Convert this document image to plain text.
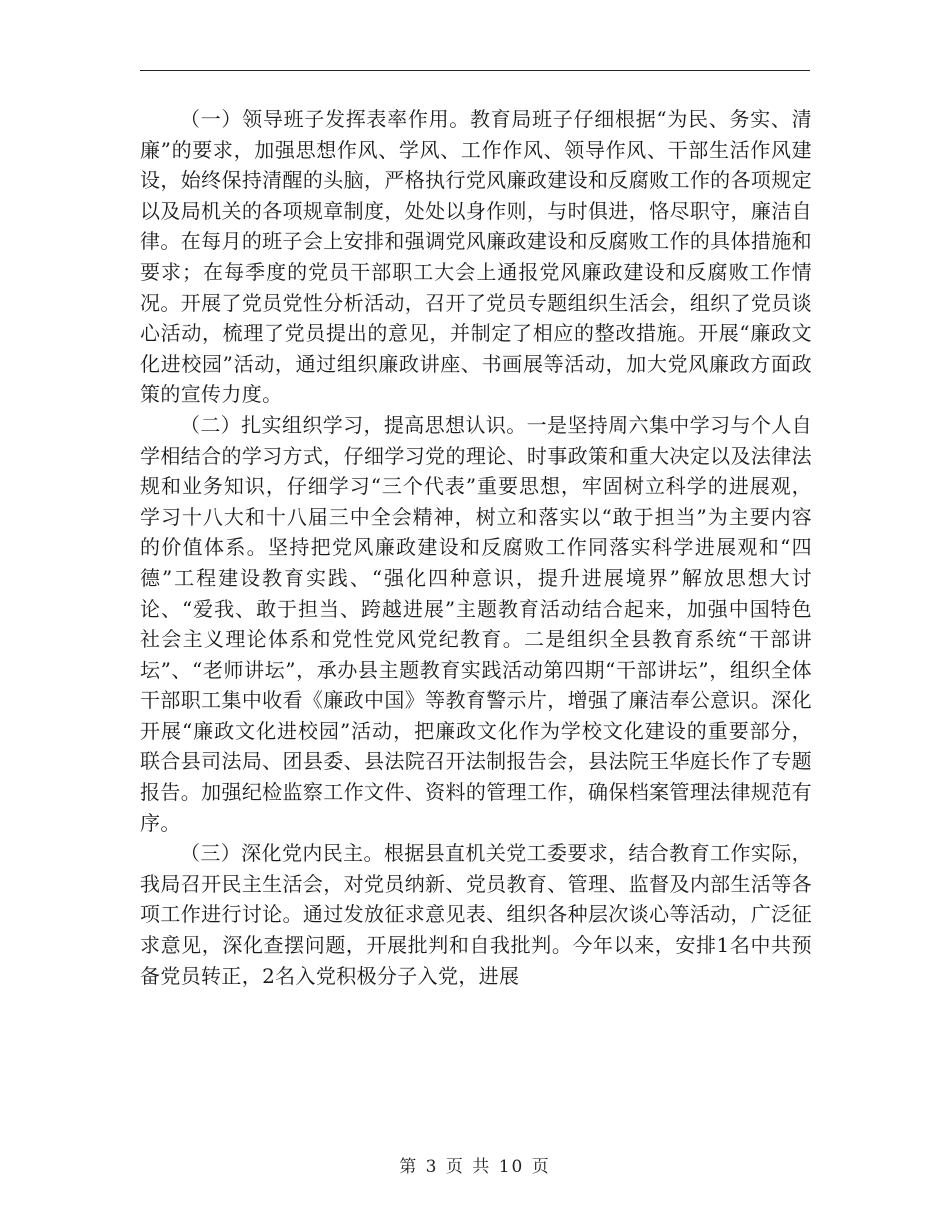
（一）领导班子发挥表率作用。教育局班子仔细根据“为民、务实、清廉”的要求，加强思想作风、学风、工作作风、领导作风、干部生活作风建设，始终保持清醒的头脑，严格执行党风廉政建设和反腐败工作的各项规定以及局机关的各项规章制度，处处以身作则，与时俱进，恪尽职守，廉洁自律。在每月的班子会上安排和强调党风廉政建设和反腐败工作的具体措施和要求；在每季度的党员干部职工大会上通报党风廉政建设和反腐败工作情况。开展了党员党性分析活动，召开了党员专题组织生活会，组织了党员谈心活动，梳理了党员提出的意见，并制定了相应的整改措施。开展“廉政文化进校园”活动，通过组织廉政讲座、书画展等活动，加大党风廉政方面政策的宣传力度。

（二）扎实组织学习，提高思想认识。一是坚持周六集中学习与个人自学相结合的学习方式，仔细学习党的理论、时事政策和重大决定以及法律法规和业务知识，仔细学习“三个代表”重要思想，牢固树立科学的进展观，学习十八大和十八届三中全会精神，树立和落实以“敢于担当”为主要内容的价值体系。坚持把党风廉政建设和反腐败工作同落实科学进展观和“四德”工程建设教育实践、“强化四种意识，提升进展境界”解放思想大讨论、“爱我、敢于担当、跨越进展”主题教育活动结合起来，加强中国特色社会主义理论体系和党性党风党纪教育。二是组织全县教育系统“干部讲坛”、“老师讲坛”，承办县主题教育实践活动第四期“干部讲坛”，组织全体干部职工集中收看《廉政中国》等教育警示片，增强了廉洁奉公意识。深化开展“廉政文化进校园”活动，把廉政文化作为学校文化建设的重要部分，联合县司法局、团县委、县法院召开法制报告会，县法院王华庭长作了专题报告。加强纪检监察工作文件、资料的管理工作，确保档案管理法律规范有序。

（三）深化党内民主。根据县直机关党工委要求，结合教育工作实际，我局召开民主生活会，对党员纳新、党员教育、管理、监督及内部生活等各项工作进行讨论。通过发放征求意见表、组织各种层次谈心等活动，广泛征求意见，深化查摆问题，开展批判和自我批判。今年以来，安排1名中共预备党员转正，2名入党积极分子入党，进展

第 3 页 共 10 页
